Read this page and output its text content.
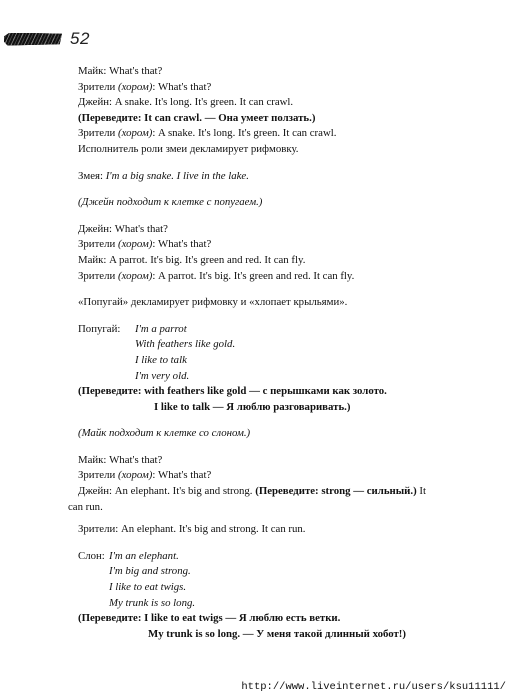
52
Майк: What's that?
Зрители (хором): What's that?
Джейн: A snake. It's long. It's green. It can crawl.
(Переведите: It can crawl. — Она умеет ползать.)
Зрители (хором): A snake. It's long. It's green. It can crawl.
Исполнитель роли змеи декламирует рифмовку.
Змея: I'm a big snake. I live in the lake.
(Джейн подходит к клетке с попугаем.)
Джейн: What's that?
Зрители (хором): What's that?
Майк: A parrot. It's big. It's green and red. It can fly.
Зрители (хором): A parrot. It's big. It's green and red. It can fly.
«Попугай» декламирует рифмовку и «хлопает крыльями».
Попугай:I'm a parrot
With feathers like gold.
I like to talk
I'm very old.
(Переведите: with feathers like gold — с перышками как золото.
I like to talk — Я люблю разговаривать.)
(Майк подходит к клетке со слоном.)
Майк: What's that?
Зрители (хором): What's that?
Джейн: An elephant. It's big and strong. (Переведите: strong — сильный.) It
can run.
Зрители: An elephant. It's big and strong. It can run.
Слон:I'm an elephant.
I'm big and strong.
I like to eat twigs.
My trunk is so long.
(Переведите: I like to eat twigs — Я люблю есть ветки.
My trunk is so long. — У меня такой длинный хобот!)
http://www.liveinternet.ru/users/ksu11111/
